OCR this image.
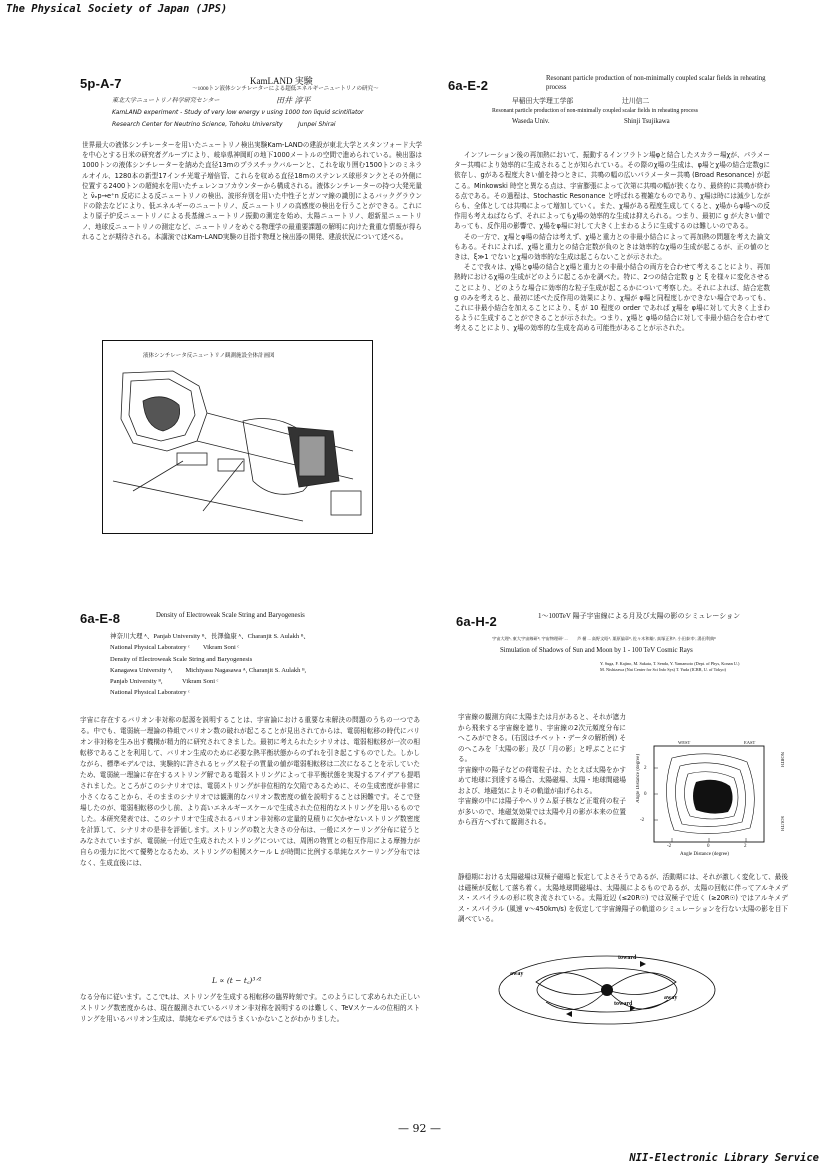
The Physical Society of Japan (JPS)
NII-Electronic Library Service
— 92 —
5p-A-7	KamLAND 実験
〜1000トン液体シンチレーターによる超低エネルギーニュートリノの研究〜
東北大学ニュートリノ科学研究センター	田井 淳平
KamLAND experiment - Study of very low energy ν using 1000 ton liquid scintillator
Research Center for Neutrino Science, Tohoku University	Junpei Shirai
世界最大の液体シンチレーターを用いたニュートリノ検出実験Kam-LANDの建設が東北大学とスタンフォード大学を中心とする日米の研究者グループにより、岐阜県神岡町の地下1000メートルの空間で進められている。検出器は1000トンの液体シンチレーターを納めた直径13mのプラスチックバルーンと、これを取り囲む1500トンのミネラルオイル、1280本の新型17インチ光電子増倍管、これらを収める直径18mのステンレス球形タンクとその外側に位置する2400トンの超純水を用いたチェレンコフカウンターから構成される。液体シンチレーターの持つ大発光量と ν̄ₑp→e⁺n 反応による反ニュートリノの検出、波形弁別を用いた中性子とガンマ線の識別によるバックグラウンドの除去などにより、低エネルギーのニュートリノ、反ニュートリノの高感度の検出を行うことができる。これにより原子炉反ニュートリノによる長基線ニュートリノ振動の測定を始め、太陽ニュートリノ、超新星ニュートリノ、地球反ニュートリノの測定など、ニュートリノをめぐる物理学の最重要課題の解明に向けた貴重な情報が得られることが期待される。本講演ではKam-LAND実験の目指す物理と検出器の開発、建設状況について述べる。
液体シンチレータ反ニュートリノ観測施設全体計画図
6a-E-2	Resonant particle production of non-minimally coupled scalar fields in reheating process
早稲田大学理工学部	辻川信二
Resonant particle production of non-minimally coupled scalar fields in reheating process
Waseda Univ.	Shinji Tsujikawa
インフレーション後の再加熱において、振動するインフラトン場φと結合したスカラー場χが、パラメーター共鳴により効率的に生成されることが知られている。その際のχ場の生成は、φ場とχ場の結合定数gに依存し、gがある程度大きい値を持つときに、共鳴の幅の広いパラメーター共鳴 (Broad Resonance) が起こる。Minkowski 時空と異なる点は、宇宙膨張によって次第に共鳴の幅が狭くなり、最終的に共鳴が終わる点である。その過程は、Stochastic Resonance と呼ばれる複雑なものであり、χ場は時には減少しながらも、全体としては共鳴によって増加していく。また、χ場がある程度生成してくると、χ場からφ場への反作用も考えねばならず、それによってもχ場の効率的な生成は抑えられる。つまり、最初に g が大きい値であっても、反作用の影響で、χ場をφ場に対して大きく上まわるように生成するのは難しいのである。
その一方で、χ場とφ場の結合は考えず、χ場と重力との非最小結合によって再加熱の問題を考えた論文もある。それによれば、χ場と重力との結合定数が負のときは効率的なχ場の生成が起こるが、正の値のときは、ξ≫1 でないとχ場の効率的な生成は起こらないことが示された。
そこで我々は、χ場とφ場の結合とχ場と重力との非最小結合の両方を合わせて考えることにより、再加熱時におけるχ場の生成がどのように起こるかを調べた。特に、2つの結合定数 g と ξ を様々に変化させることにより、どのような場合に効率的な粒子生成が起こるかについて考察した。それによれば、結合定数 g のみを考えると、最初に述べた反作用の効果により、χ場が φ場と同程度しかできない場合であっても、これに非最小結合を加えることにより、ξ が 10 程度の order であれば χ場を φ場に対して大きく上まわるように生成することができることが示された。つまり、χ場と φ場の結合に対して非最小結合を合わせて考えることにより、χ場の効率的な生成を高める可能性があることが示された。
6a-E-8	Density of Electroweak Scale String and Baryogenesis
神奈川大理 ᴬ、Panjab University ᴮ、長澤倫康 ᴬ、Charanjit S. Aulakh ᴮ、
National Physical Laboratory ᶜ　　Vikram Soni ᶜ
Density of Electroweak Scale String and Baryogenesis
Kanagawa University ᴬ,　　Michiyasu Nagasawa ᴬ, Charanjit S. Aulakh ᴮ,
Panjab University ᴮ,　　　Vikram Soni ᶜ
National Physical Laboratory ᶜ
宇宙に存在するバリオン非対称の起源を説明することは、宇宙論における重要な未解決の問題のうちの一つである。中でも、電弱統一理論の枠組でバリオン数の破れが起こることが見出されてからは、電弱相転移の時代にバリオン非対称を生み出す機構が精力的に研究されてきました。最初に考えられたシナリオは、電弱相転移が一次の相転移であることを利用して、バリオン生成のために必要な熱平衡状態からのずれを引き起こすものでした。しかしながら、標準モデルでは、実験的に許されるヒッグス粒子の質量の値が電弱相転移は二次になることを示していたため、電弱統一理論に存在するストリング解である電弱ストリングによって非平衡状態を実現するアイデアも提唱されました。ところがこのシナリオでは、電弱ストリングが非位相的な欠陥であるために、その生成密度が非常に小さくなることから、そのままのシナリオでは観測的なバリオン数密度の値を説明することは困難です。そこで登場したのが、電弱相転移の少し前、より高いエネルギースケールで生成された位相的なストリングを用いるものでした。本研究発表では、このシナリオで生成されるバリオン非対称の定量的見積りに欠かせないストリング数密度を計算して、シナリオの是非を評価します。ストリングの数と大きさの分布は、一般にスケーリング分布に従うとみなされていますが、電弱統一付近で生成されたストリングについては、周囲の物質との相互作用による摩擦力が自らの張力に比べて優勢となるため、ストリングの相関スケール L が時間に比例する単純なスケーリング分布ではなく、生成直後には、
L ∝ (t − t꜀)³ᐟ²
なる分布に従います。ここでt꜀は、ストリングを生成する相転移の臨界時刻です。このようにして求められた正しいストリング数密度からは、現在観測されているバリオン非対称を説明するのは難しく、TeVスケールの位相的ストリングを用いるバリオン生成は、単純なモデルではうまくいかないことがわかりました。
6a-H-2	1〜100TeV 陽子宇宙線による月及び太陽の影のシミュレーション
宇宙大理ᴬ, 東大宇宙線研ᴮ, 宇宙物理研ᶜ ...　　 芦 楯 ... 高野文昭ᴬ, 栗原倫章ᴮ, 佐々木和雄ᶜ, 真塚正和ᴬ, 小田泰幸ᶜ, 湯田利典ᴮ
Simulation of Shadows of Sun and Moon by 1 - 100 TeV Cosmic Rays
Y. Suga, F. Kajino, M. Sakata, T. Senda, Y. Yamamoto (Dept. of Phys, Konan U.)
M. Nishizawa (Nat Center for Sci Info Sys) T. Yuda (ICRR, U. of Tokyo)
宇宙線の観測方向に太陽または月があると、それが遮力から飛来する宇宙線を遮り、宇宙線の2次元頻度分布にへこみができる。(右図はチベット・データの解析例) そのへこみを「太陽の影」及び「月の影」と呼ぶことにする。
宇宙線中の陽子などの荷電粒子は、たとえば太陽をかすめて地球に到達する場合、太陽磁場、太陽・地球間磁場および、地磁気によりその軌道が曲げられる。
宇宙線の中には陽子やヘリウム原子核など正電荷の粒子が多いので、地磁気効果では太陽や月の影が本来の位置から西方へずれて観測される。
WEST	EAST
NORTH
SOUTH
Angle Distance (degree) 2
0
-2
-2	0	2
Angle Distance (degree)
静穏期における太陽磁場は双極子磁場と仮定してよさそうであるが、活動期には、それが激しく変化して、最後は磁極が反転して落ち着く。太陽地球間磁場は、太陽風によるものであるが、太陽の回転に伴ってアルキメデス・スパイラルの形に吹き流されている。太陽近辺 (≤20R☉) では双極子で近く (≥20R☉) ではアルキメデス・スパイラル (風速 v〜450km/s) を仮定して宇宙線陽子の軌道のシミュレーションを行ない太陽の影を目下調べている。
toward
away
toward
away
